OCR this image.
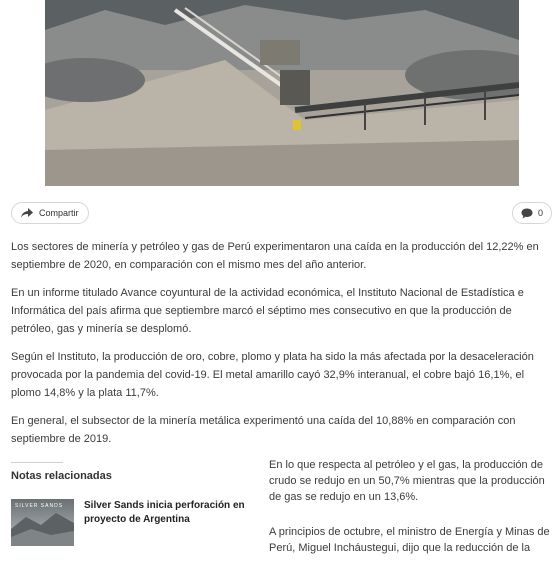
Compartir	0

Los sectores de minería y petróleo y gas de Perú experimentaron una caída en la producción del 12,22% en septiembre de 2020, en comparación con el mismo mes del año anterior.

En un informe titulado Avance coyuntural de la actividad económica, el Instituto Nacional de Estadística e Informática del país afirma que septiembre marcó el séptimo mes consecutivo en que la producción de petróleo, gas y minería se desplomó.

Según el Instituto, la producción de oro, cobre, plomo y plata ha sido la más afectada por la desaceleración provocada por la pandemia del covid-19. El metal amarillo cayó 32,9% interanual, el cobre bajó 16,1%, el plomo 14,8% y la plata 11,7%.

En general, el subsector de la minería metálica experimentó una caída del 10,88% en comparación con septiembre de 2019.

Notas relacionadas
SILVER SANDS Silver Sands inicia perforación en proyecto de Argentina

En lo que respecta al petróleo y el gas, la producción de crudo se redujo en un 50,7% mientras que la producción de gas se redujo en un 13,6%.

A principios de octubre, el ministro de Energía y Minas de Perú, Miguel Incháustegui, dijo que la reducción de la
